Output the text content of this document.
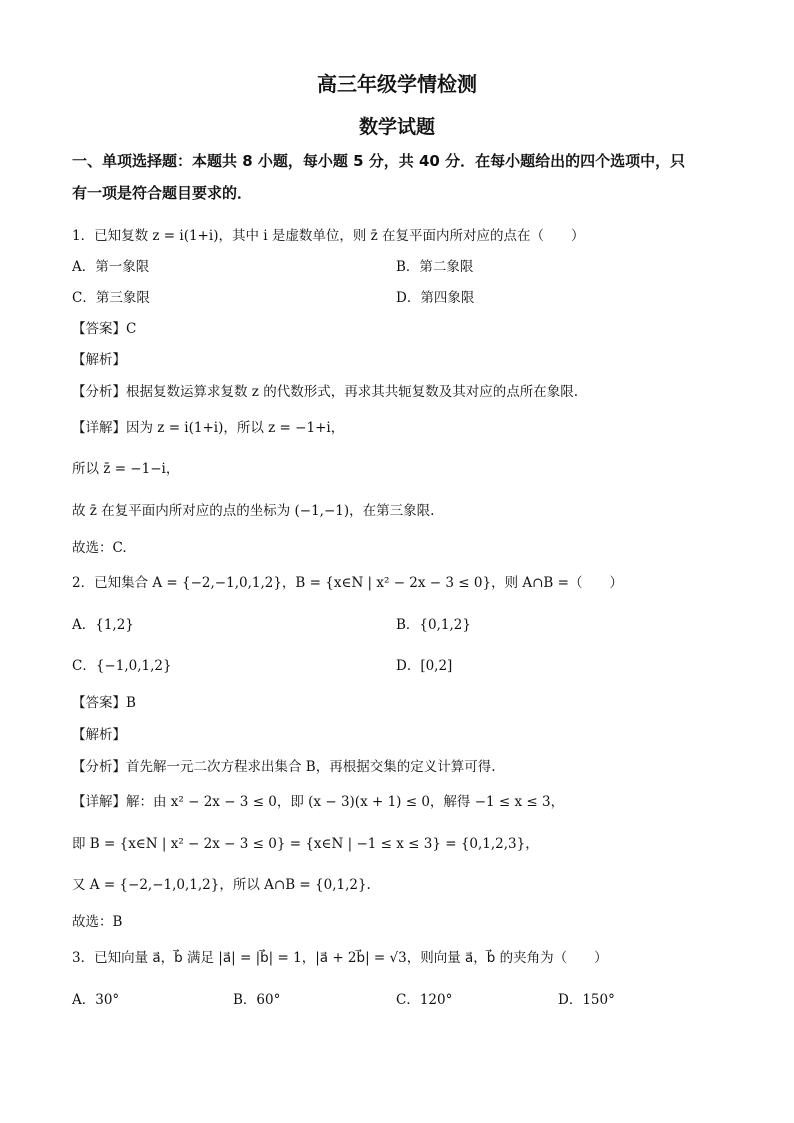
高三年级学情检测
数学试题
一、单项选择题：本题共 8 小题，每小题 5 分，共 40 分．在每小题给出的四个选项中，只
有一项是符合题目要求的．
1．已知复数 z = i(1+i)，其中 i 是虚数单位，则 z̄ 在复平面内所对应的点在（　　）
A．第一象限	B．第二象限
C．第三象限	D．第四象限
【答案】C
【解析】
【分析】根据复数运算求复数 z 的代数形式，再求其共轭复数及其对应的点所在象限.
【详解】因为 z = i(1+i)，所以 z = −1+i，
所以 z̄ = −1−i，
故 z̄ 在复平面内所对应的点的坐标为 (−1,−1)，在第三象限.
故选：C.
2．已知集合 A = {−2,−1,0,1,2}，B = {x∈N | x² − 2x − 3 ≤ 0}，则 A∩B =（　　）
A．{1,2}	B．{0,1,2}
C．{−1,0,1,2}	D．[0,2]
【答案】B
【解析】
【分析】首先解一元二次方程求出集合 B，再根据交集的定义计算可得.
【详解】解：由 x² − 2x − 3 ≤ 0，即 (x − 3)(x + 1) ≤ 0，解得 −1 ≤ x ≤ 3，
即 B = {x∈N | x² − 2x − 3 ≤ 0} = {x∈N | −1 ≤ x ≤ 3} = {0,1,2,3}，
又 A = {−2,−1,0,1,2}，所以 A∩B = {0,1,2}.
故选：B
3．已知向量 a⃗，b⃗ 满足 |a⃗| = |b⃗| = 1，|a⃗ + 2b⃗| = √3，则向量 a⃗，b⃗ 的夹角为（　　）
A．30°	B．60°	C．120°	D．150°
